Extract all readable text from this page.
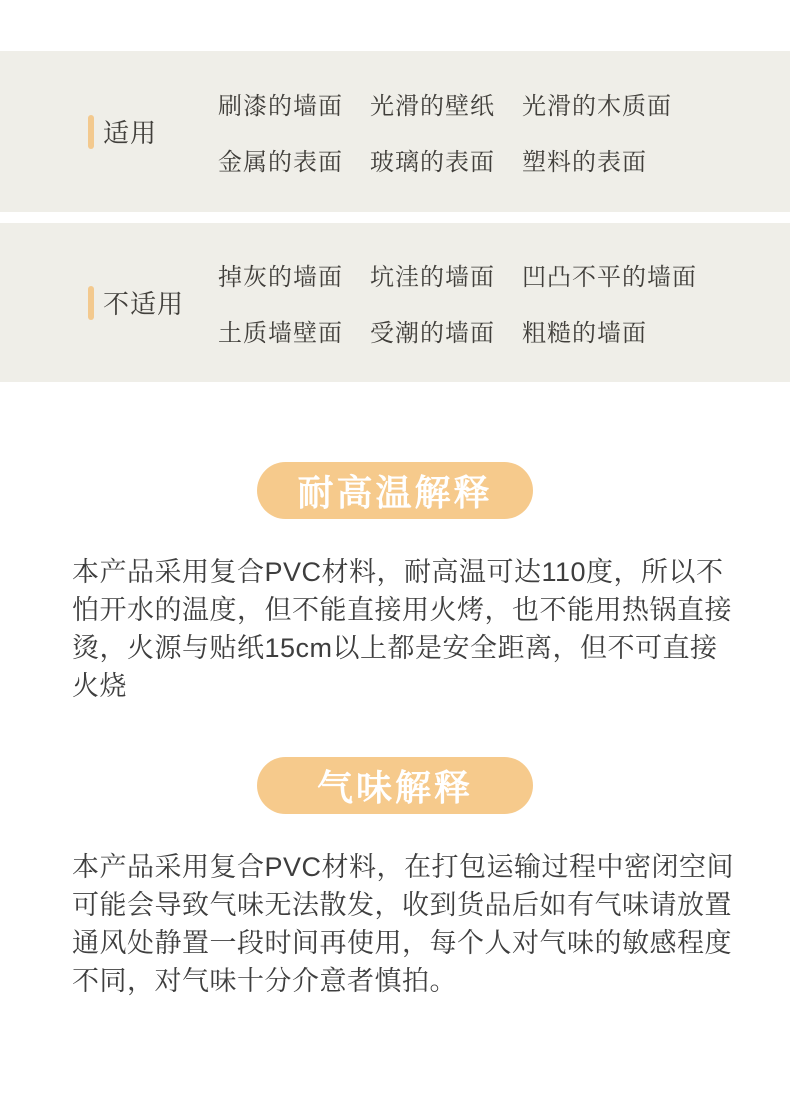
适用
刷漆的墙面 光滑的壁纸 光滑的木质面
金属的表面 玻璃的表面 塑料的表面
不适用
掉灰的墙面 坑洼的墙面 凹凸不平的墙面
土质墙壁面 受潮的墙面 粗糙的墙面
耐高温解释

本产品采用复合PVC材料，耐高温可达110度，所以不怕开水的温度，但不能直接用火烤，也不能用热锅直接烫，火源与贴纸15cm以上都是安全距离，但不可直接火烧

气味解释

本产品采用复合PVC材料，在打包运输过程中密闭空间可能会导致气味无法散发，收到货品后如有气味请放置通风处静置一段时间再使用，每个人对气味的敏感程度不同，对气味十分介意者慎拍。
